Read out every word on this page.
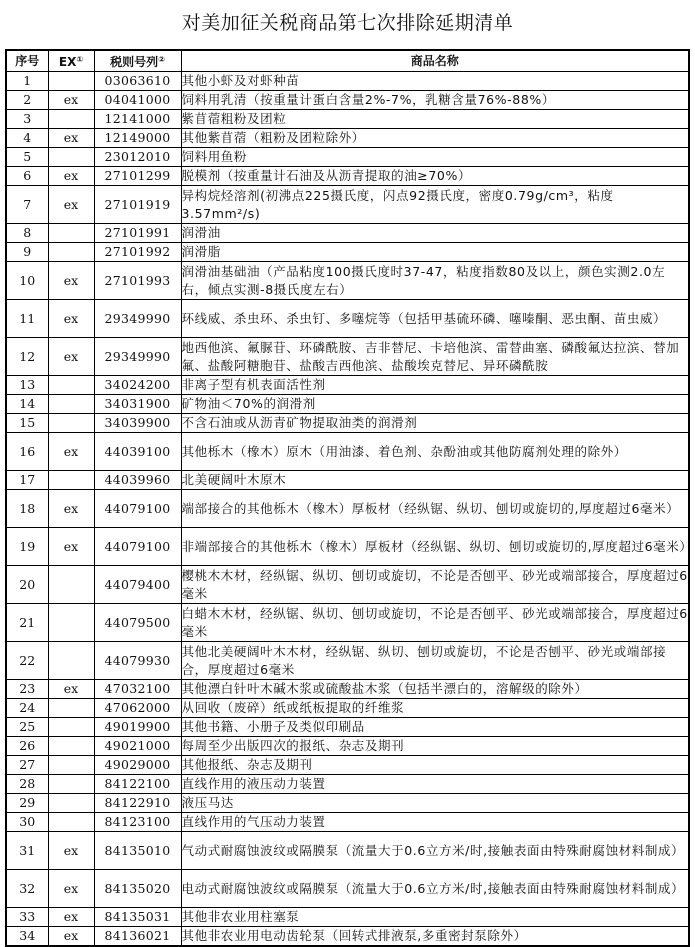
对美加征关税商品第七次排除延期清单
序号	EX①	税则号列②	商品名称
1		03063610	其他小虾及对虾种苗
2	ex	04041000	饲料用乳清（按重量计蛋白含量2%-7%，乳糖含量76%-88%）
3		12141000	紫苜蓿粗粉及团粒
4	ex	12149000	其他紫苜蓿（粗粉及团粒除外）
5		23012010	饲料用鱼粉
6	ex	27101299	脱模剂（按重量计石油及从沥青提取的油≥70%）
7	ex	27101919	异构烷烃溶剂(初沸点225摄氏度，闪点92摄氏度，密度0.79g/cm³，粘度3.57mm²/s)
8		27101991	润滑油
9		27101992	润滑脂
10	ex	27101993	润滑油基础油（产品粘度100摄氏度时37-47，粘度指数80及以上，颜色实测2.0左右，倾点实测-8摄氏度左右）
11	ex	29349990	环线威、杀虫环、杀虫钉、多噻烷等（包括甲基硫环磷、噻嗪酮、恶虫酮、苗虫威）
12	ex	29349990	地西他滨、氟脲苷、环磷酰胺、吉非替尼、卡培他滨、雷替曲塞、磷酸氟达拉滨、替加氟、盐酸阿糖胞苷、盐酸吉西他滨、盐酸埃克替尼、异环磷酰胺
13		34024200	非离子型有机表面活性剂
14		34031900	矿物油＜70%的润滑剂
15		34039900	不含石油或从沥青矿物提取油类的润滑剂
16	ex	44039100	其他栎木（橡木）原木（用油漆、着色剂、杂酚油或其他防腐剂处理的除外）
17		44039960	北美硬阔叶木原木
18	ex	44079100	端部接合的其他栎木（橡木）厚板材（经纵锯、纵切、刨切或旋切的,厚度超过6毫米）
19	ex	44079100	非端部接合的其他栎木（橡木）厚板材（经纵锯、纵切、刨切或旋切的,厚度超过6毫米）
20		44079400	樱桃木木材，经纵锯、纵切、刨切或旋切，不论是否刨平、砂光或端部接合，厚度超过6毫米
21		44079500	白蜡木木材，经纵锯、纵切、刨切或旋切，不论是否刨平、砂光或端部接合，厚度超过6毫米
22		44079930	其他北美硬阔叶木木材，经纵锯、纵切、刨切或旋切，不论是否刨平、砂光或端部接合，厚度超过6毫米
23	ex	47032100	其他漂白针叶木碱木浆或硫酸盐木浆（包括半漂白的，溶解级的除外）
24		47062000	从回收（废碎）纸或纸板提取的纤维浆
25		49019900	其他书籍、小册子及类似印刷品
26		49021000	每周至少出版四次的报纸、杂志及期刊
27		49029000	其他报纸、杂志及期刊
28		84122100	直线作用的液压动力装置
29		84122910	液压马达
30		84123100	直线作用的气压动力装置
31	ex	84135010	气动式耐腐蚀波纹或隔膜泵（流量大于0.6立方米/时,接触表面由特殊耐腐蚀材料制成）
32	ex	84135020	电动式耐腐蚀波纹或隔膜泵（流量大于0.6立方米/时,接触表面由特殊耐腐蚀材料制成）
33	ex	84135031	其他非农业用柱塞泵
34	ex	84136021	其他非农业用电动齿轮泵（回转式排液泵,多重密封泵除外）
